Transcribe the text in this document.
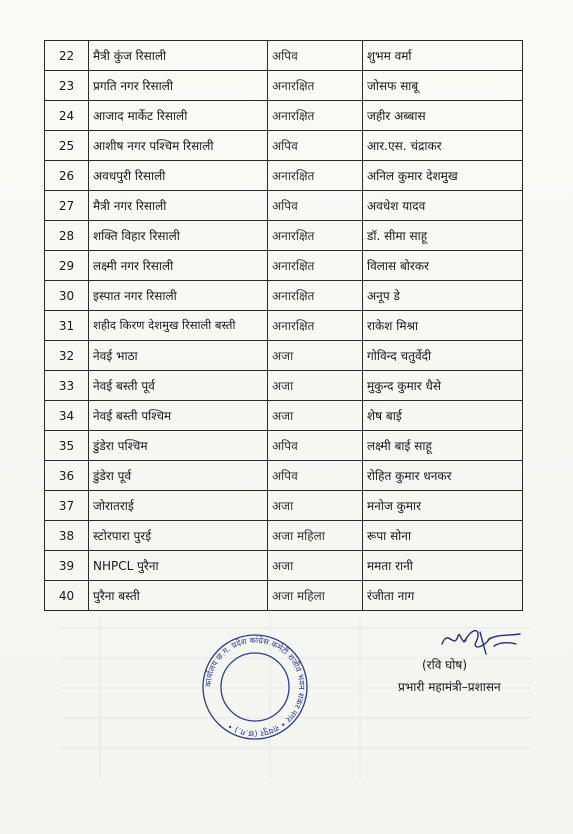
22	मैत्री कुंज रिसाली	अपिव	शुभम वर्मा
23	प्रगति नगर रिसाली	अनारक्षित	जोसफ साबू
24	आजाद मार्केट रिसाली	अनारक्षित	जहीर अब्बास
25	आशीष नगर पश्चिम रिसाली	अपिव	आर.एस. चंद्राकर
26	अवधपुरी रिसाली	अनारक्षित	अनिल कुमार देशमुख
27	मैत्री नगर रिसाली	अपिव	अवधेश यादव
28	शक्ति विहार रिसाली	अनारक्षित	डॉ. सीमा साहू
29	लक्ष्मी नगर रिसाली	अनारक्षित	विलास बोरकर
30	इस्पात नगर रिसाली	अनारक्षित	अनूप डे
31	शहीद किरण देशमुख रिसाली बस्ती	अनारक्षित	राकेश मिश्रा
32	नेवई भाठा	अजा	गोविन्द चतुर्वेदी
33	नेवई बस्ती पूर्व	अजा	मुकुन्द कुमार धैसे
34	नेवई बस्ती पश्चिम	अजा	शेष बाई
35	डुंडेरा पश्चिम	अपिव	लक्ष्मी बाई साहू
36	डुंडेरा पूर्व	अपिव	रोहित कुमार धनकर
37	जोरातराई	अजा	मनोज कुमार
38	स्टोरपारा पुरई	अजा महिला	रूपा सोना
39	NHPCL पुरैना	अजा	ममता रानी
40	पुरैना बस्ती	अजा महिला	रंजीता नाग
कार्यालय छ.ग. प्रदेश कांग्रेस कमेटी राजीव भवन शंकर नगर • रायपुर (छ.ग.) •
(रवि घोष)
प्रभारी महामंत्री–प्रशासन
